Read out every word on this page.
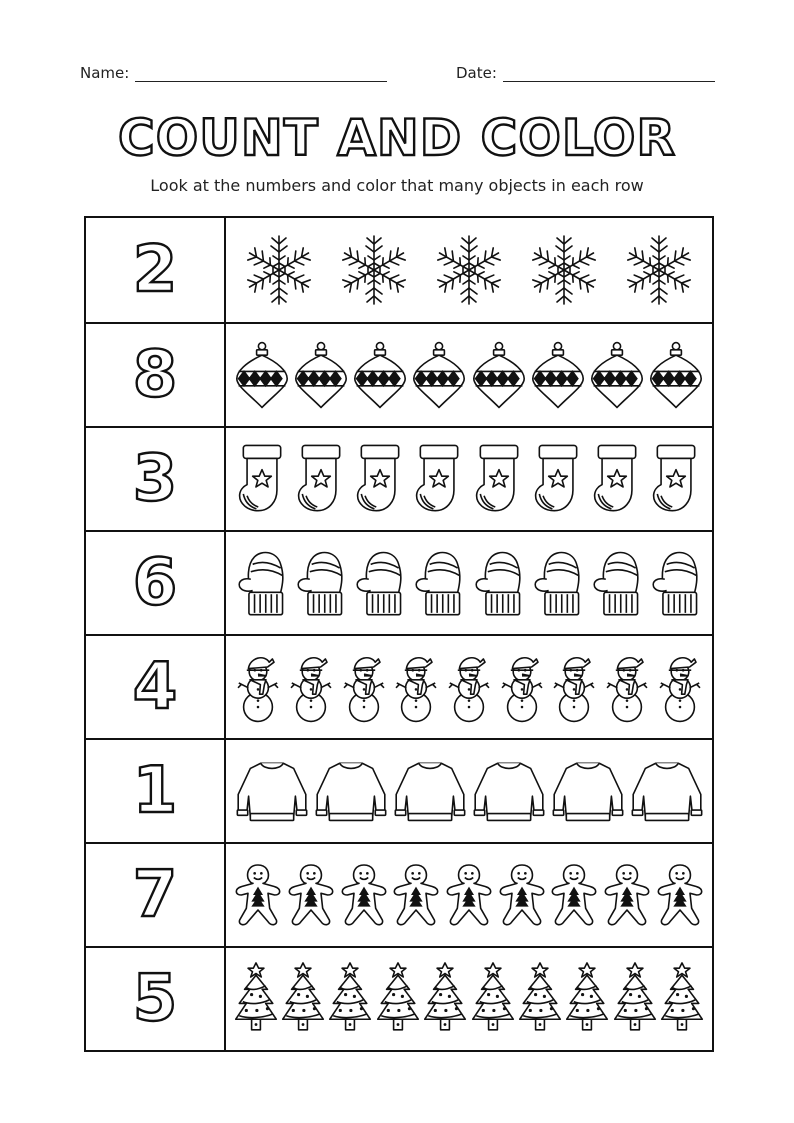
Name:	Date:
COUNT AND COLOR
Look at the numbers and color that many objects in each row
2
8
3
6
4
1
7
5
